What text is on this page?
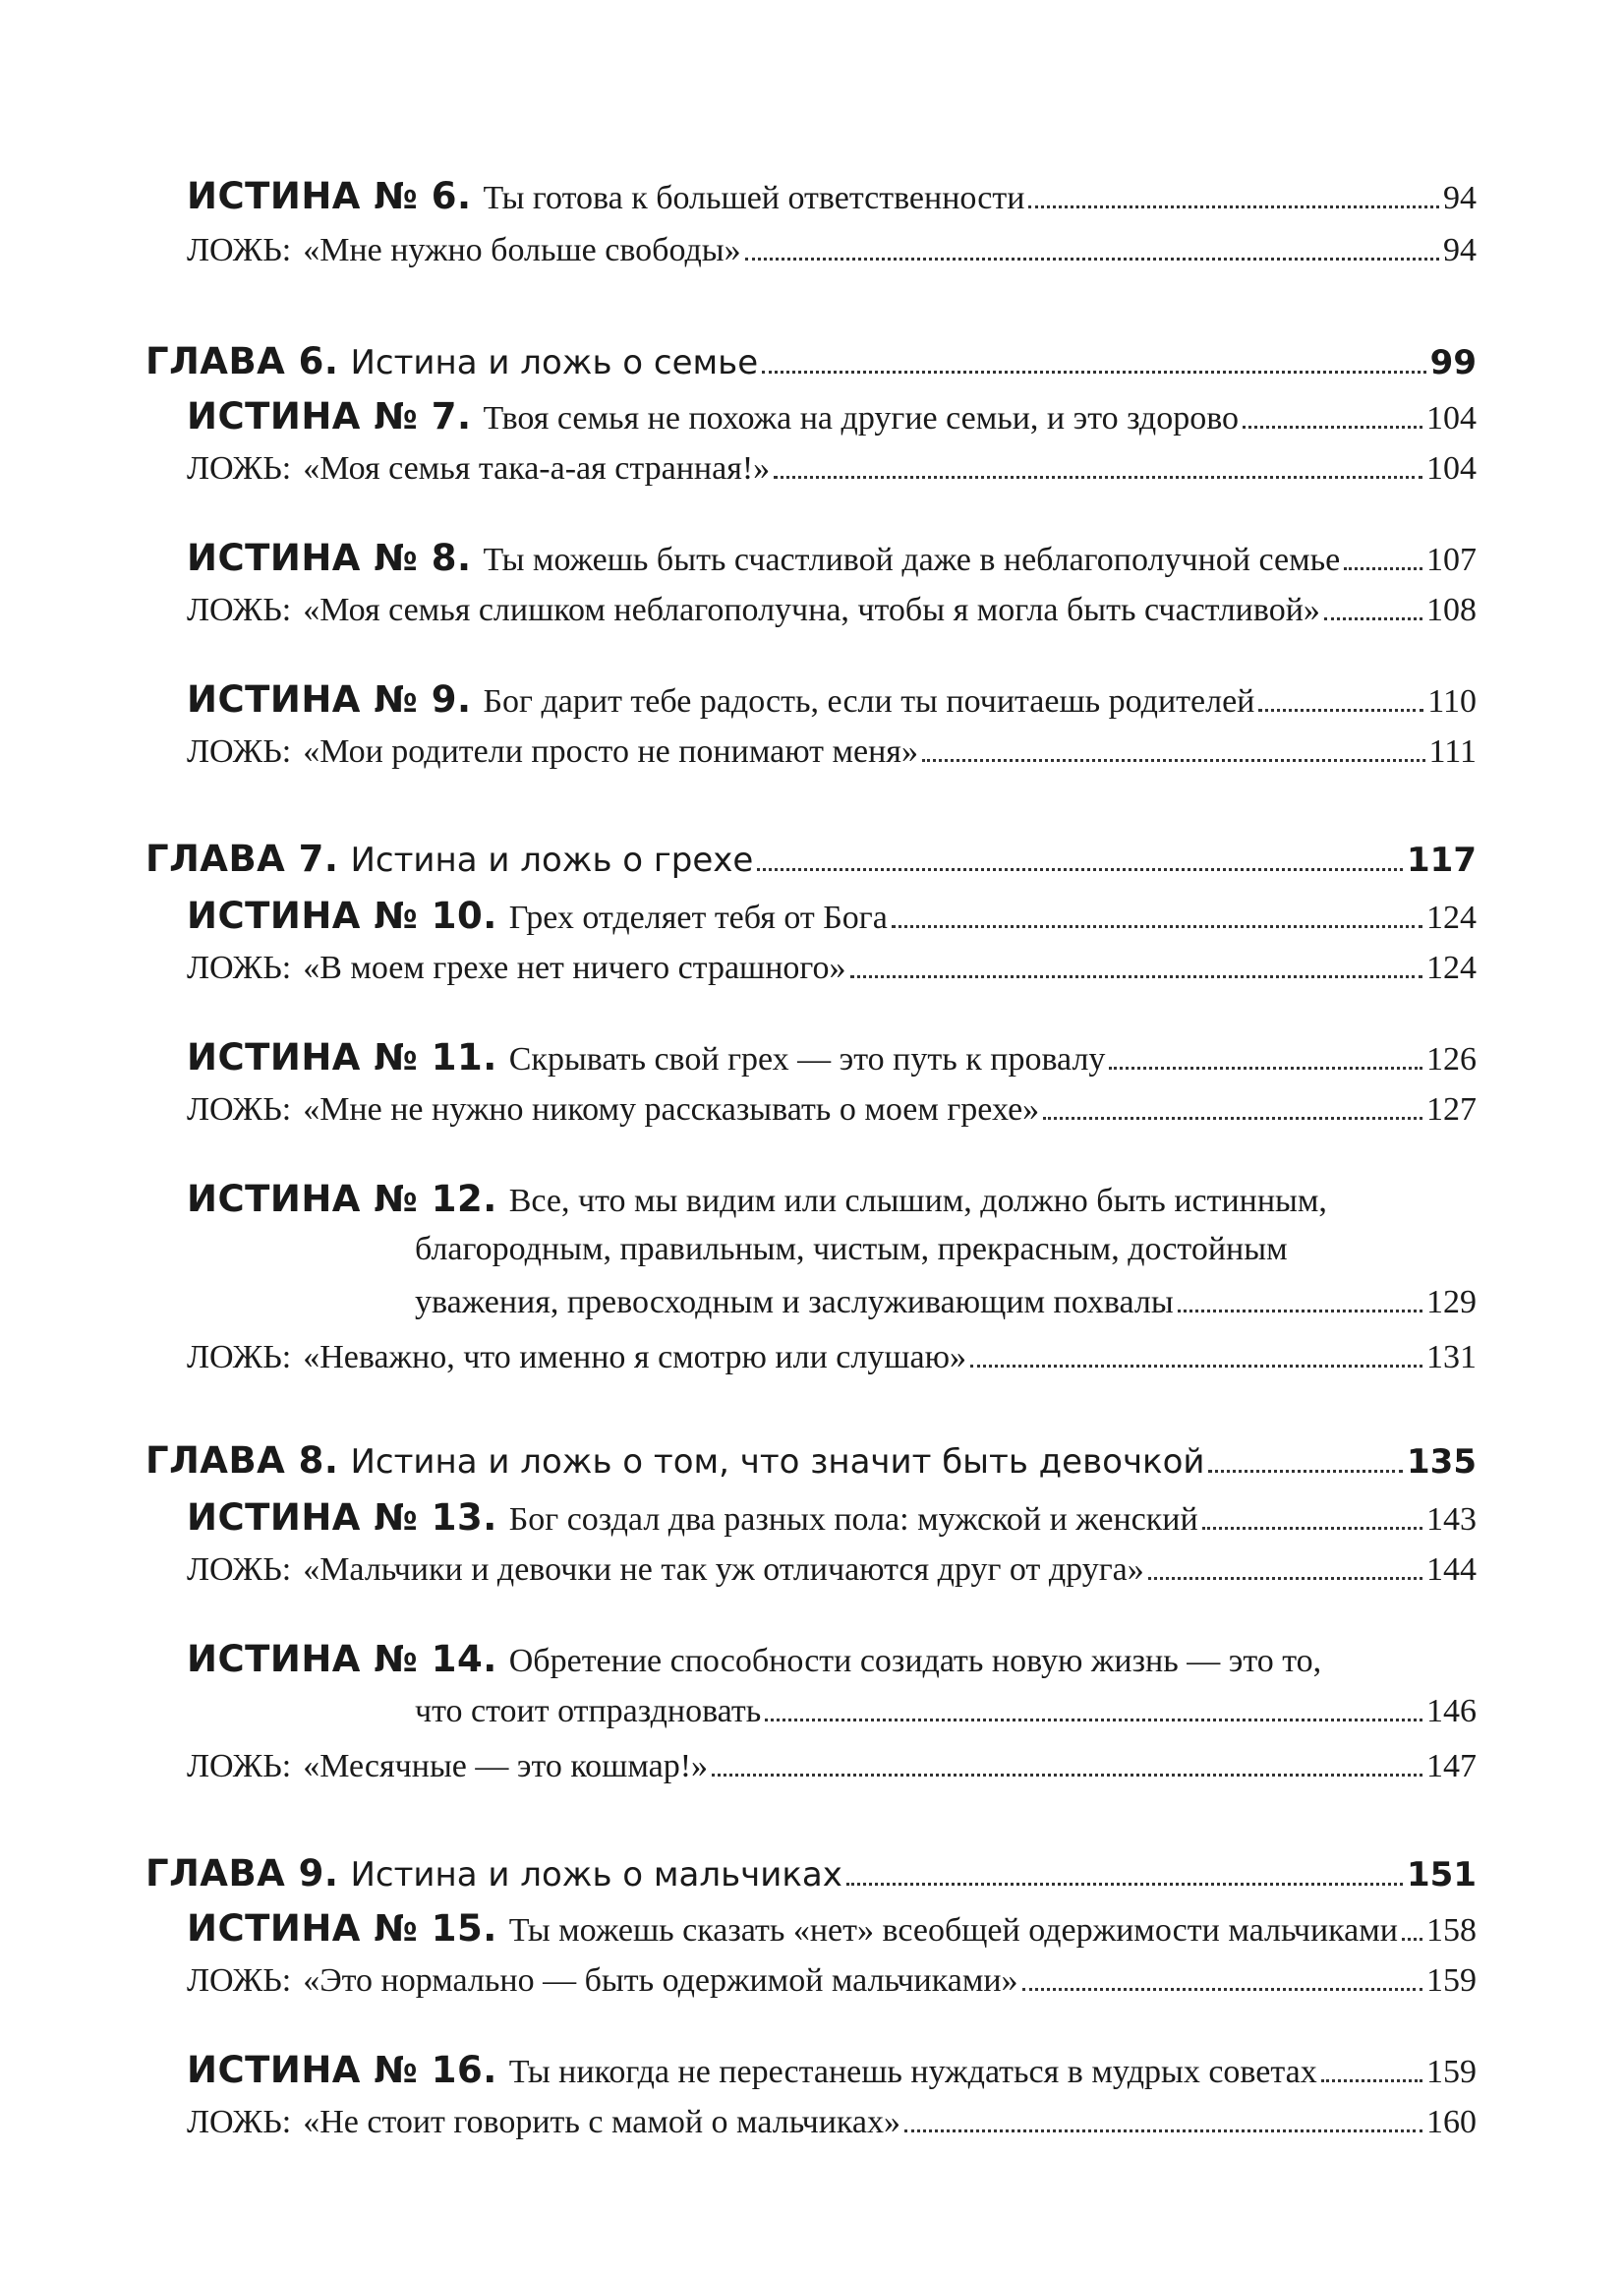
ИСТИНА № 6. Ты готова к большей ответственности	94
ЛОЖЬ: «Мне нужно больше свободы»	94
ГЛАВА 6. Истина и ложь о семье	99
ИСТИНА № 7. Твоя семья не похожа на другие семьи, и это здорово	104
ЛОЖЬ: «Моя семья така-а-ая странная!»	104
ИСТИНА № 8. Ты можешь быть счастливой даже в неблагополучной семье	107
ЛОЖЬ: «Моя семья слишком неблагополучна, чтобы я могла быть счастливой»	108
ИСТИНА № 9. Бог дарит тебе радость, если ты почитаешь родителей	110
ЛОЖЬ: «Мои родители просто не понимают меня»	111
ГЛАВА 7. Истина и ложь о грехе	117
ИСТИНА № 10. Грех отделяет тебя от Бога	124
ЛОЖЬ: «В моем грехе нет ничего страшного»	124
ИСТИНА № 11. Скрывать свой грех — это путь к провалу	126
ЛОЖЬ: «Мне не нужно никому рассказывать о моем грехе»	127
ИСТИНА № 12. Все, что мы видим или слышим, должно быть истинным,
благородным, правильным, чистым, прекрасным, достойным
уважения, превосходным и заслуживающим похвалы	129
ЛОЖЬ: «Неважно, что именно я смотрю или слушаю»	131
ГЛАВА 8. Истина и ложь о том, что значит быть девочкой	135
ИСТИНА № 13. Бог создал два разных пола: мужской и женский	143
ЛОЖЬ: «Мальчики и девочки не так уж отличаются друг от друга»	144
ИСТИНА № 14. Обретение способности созидать новую жизнь — это то,
что стоит отпраздновать	146
ЛОЖЬ: «Месячные — это кошмар!»	147
ГЛАВА 9. Истина и ложь о мальчиках	151
ИСТИНА № 15. Ты можешь сказать «нет» всеобщей одержимости мальчиками 158
ЛОЖЬ: «Это нормально — быть одержимой мальчиками»	159
ИСТИНА № 16. Ты никогда не перестанешь нуждаться в мудрых советах	159
ЛОЖЬ: «Не стоит говорить с мамой о мальчиках»	160
